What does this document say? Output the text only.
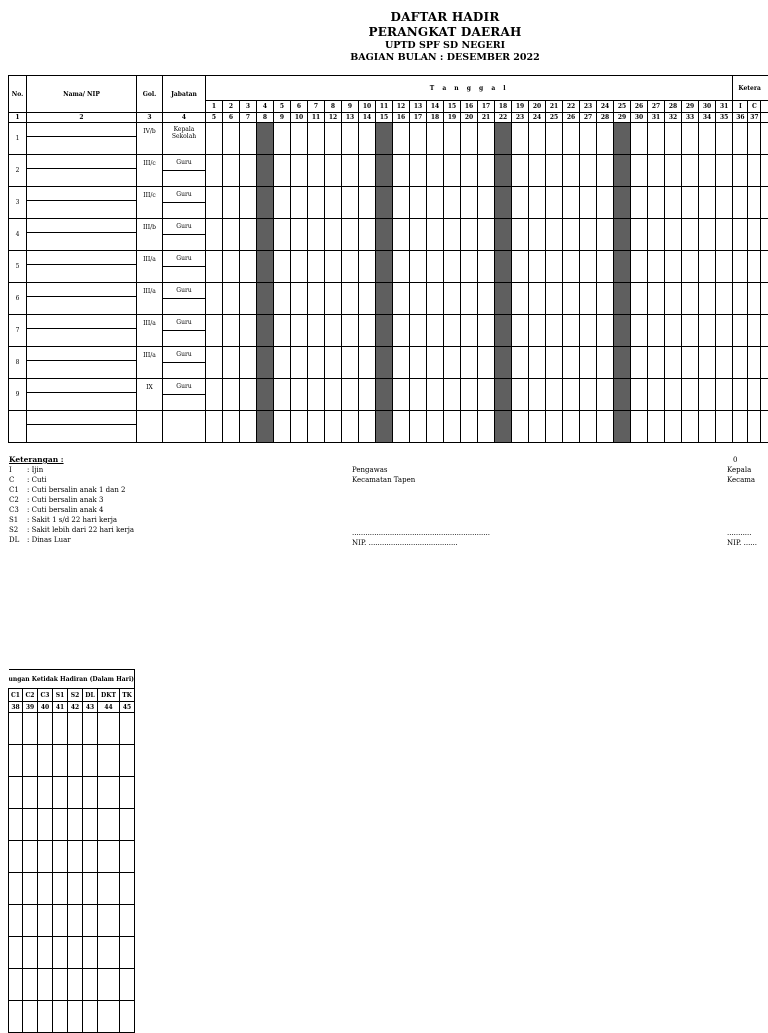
DAFTAR HADIR
PERANGKAT DAERAH
UPTD SPF SD NEGERI
BAGIAN BULAN : DESEMBER 2022
No.	Nama/ NIP	Gol.	Jabatan	T a n g g a l																															Ketera		
				1	2	3	4	5	6	7	8	9	10	11	12	13	14	15	16	17	18	19	20	21	22	23	24	25	26	27	28	29	30	31	I	C	
1	2	3	4	5	6	7	8	9	10	11	12	13	14	15	16	17	18	19	20	21	22	23	24	25	26	27	28	29	30	31	32	33	34	35	36	37	
1		IV/b	Kepala Sekolah																																		

2		III/c	Guru																																		

3		III/c	Guru																																		

4		III/b	Guru																																		

5		III/a	Guru																																		

6		III/a	Guru																																		

7		III/a	Guru																																		

8		III/a	Guru																																		

9		IX	Guru																																		

Keterangan :
I	: Ijin
C	: Cuti
C1	: Cuti bersalin anak 1 dan 2
C2	: Cuti bersalin anak 3
C3	: Cuti bersalin anak 4
S1	: Sakit 1 s/d 22 hari kerja
S2	: Sakit lebih dari 22 hari kerja
DL	: Dinas Luar
Pengawas
Kecamatan Tapen
..............................................................
NIP. ........................................
0
Kepala
Kecama
...........
NIP. ......
ungan Ketidak Hadiran (Dalam Hari)							
C1	C2	C3	S1	S2	DL	DKT	TK
38	39	40	41	42	43	44	45
